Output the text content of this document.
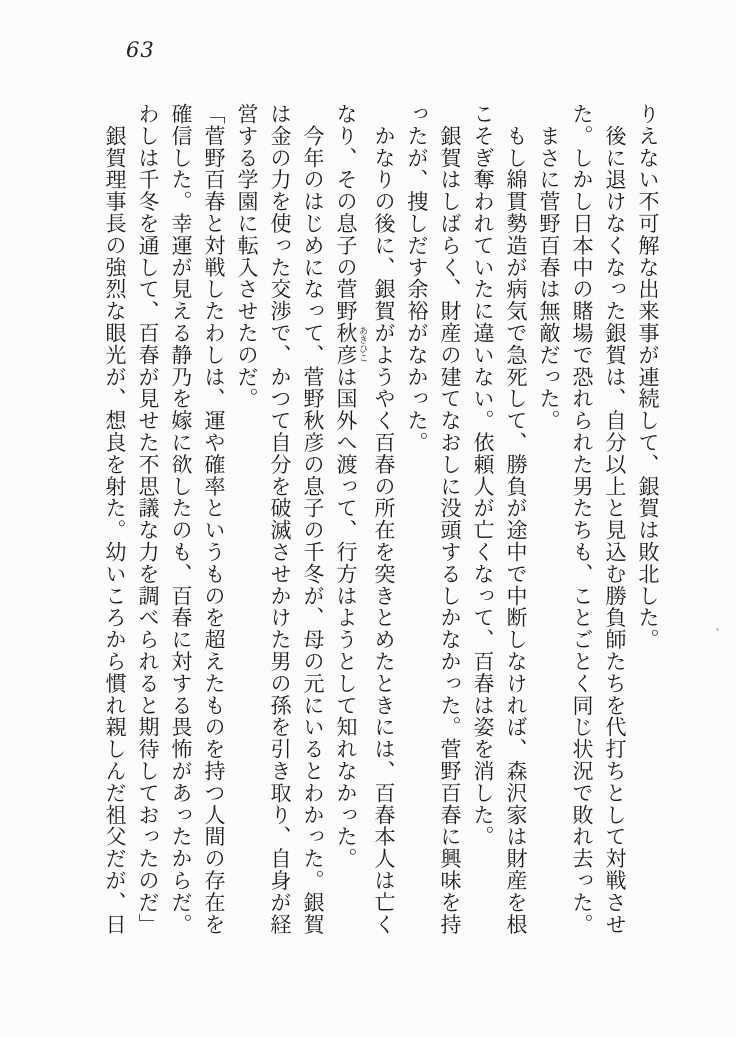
63
りえない不可解な出来事が連続して、銀賀は敗北した。
　後に退けなくなった銀賀は、自分以上と見込む勝負師たちを代打ちとして対戦させ
た。しかし日本中の賭場で恐れられた男たちも、ことごとく同じ状況で敗れ去った。
　まさに菅野百春は無敵だった。
　もし綿貫勢造が病気で急死して、勝負が途中で中断しなければ、森沢家は財産を根
こそぎ奪われていたに違いない。依頼人が亡くなって、百春は姿を消した。
　銀賀はしばらく、財産の建てなおしに没頭するしかなかった。菅野百春に興味を持
ったが、捜しだす余裕がなかった。
　かなりの後に、銀賀がようやく百春の所在を突きとめたときには、百春本人は亡く
なり、その息子の菅野秋彦 あきひこは国外へ渡って、行方はようとして知れなかった。
　今年のはじめになって、菅野秋彦の息子の千冬が、母の元にいるとわかった。銀賀
は金の力を使った交渉で、かつて自分を破滅させかけた男の孫を引き取り、自身が経
営する学園に転入させたのだ。
「菅野百春と対戦したわしは、運や確率というものを超えたものを持つ人間の存在を
確信した。幸運が見える静乃を嫁に欲したのも、百春に対する畏怖があったからだ。
わしは千冬を通して、百春が見せた不思議な力を調べられると期待しておったのだ」
　銀賀理事長の強烈な眼光が、想良を射た。幼いころから慣れ親しんだ祖父だが、日
